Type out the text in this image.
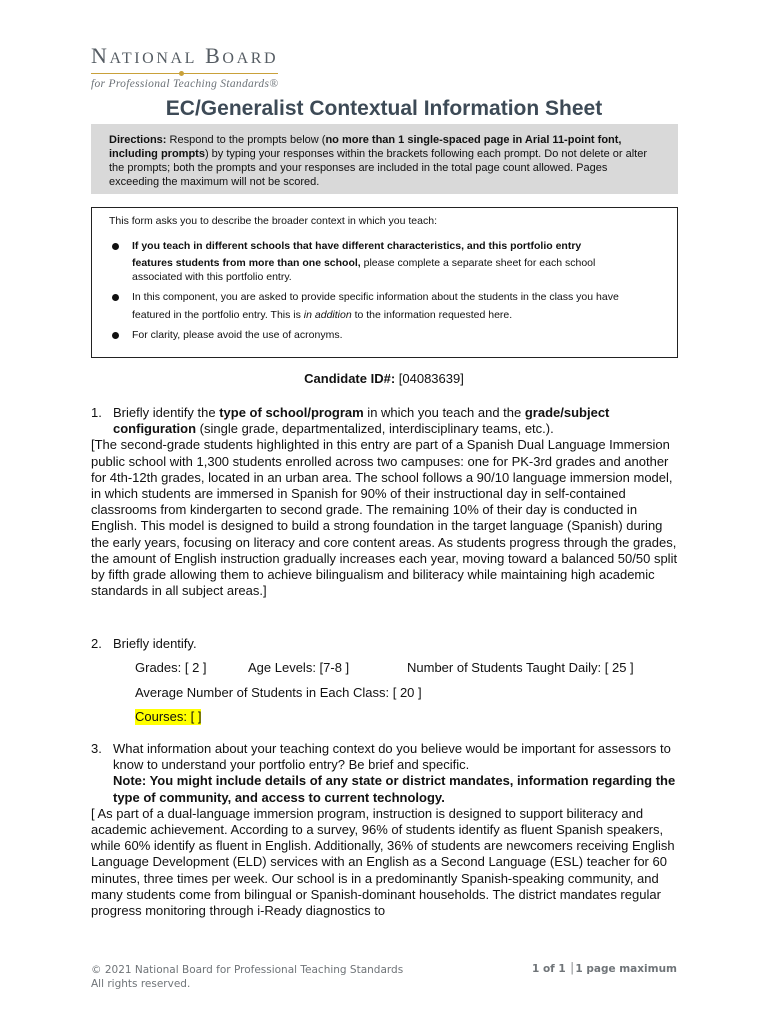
NATIONAL BOARD
for Professional Teaching Standards®
EC/Generalist Contextual Information Sheet
Directions: Respond to the prompts below (no more than 1 single-spaced page in Arial 11-point font, including prompts) by typing your responses within the brackets following each prompt. Do not delete or alter the prompts; both the prompts and your responses are included in the total page count allowed. Pages exceeding the maximum will not be scored.
This form asks you to describe the broader context in which you teach:
If you teach in different schools that have different characteristics, and this portfolio entry
features students from more than one school, please complete a separate sheet for each school
associated with this portfolio entry.
In this component, you are asked to provide specific information about the students in the class you have
featured in the portfolio entry. This is in addition to the information requested here.
For clarity, please avoid the use of acronyms.
Candidate ID#: [04083639]
1. Briefly identify the type of school/program in which you teach and the grade/subject configuration (single grade, departmentalized, interdisciplinary teams, etc.).
[The second-grade students highlighted in this entry are part of a Spanish Dual Language Immersion public school with 1,300 students enrolled across two campuses: one for PK-3rd grades and another for 4th-12th grades, located in an urban area. The school follows a 90/10 language immersion model, in which students are immersed in Spanish for 90% of their instructional day in self-contained classrooms from kindergarten to second grade. The remaining 10% of their day is conducted in English. This model is designed to build a strong foundation in the target language (Spanish) during the early years, focusing on literacy and core content areas. As students progress through the grades, the amount of English instruction gradually increases each year, moving toward a balanced 50/50 split by fifth grade allowing them to achieve bilingualism and biliteracy while maintaining high academic standards in all subject areas.]
2. Briefly identify.
Grades: [ 2 ]	Age Levels: [7-8 ]	Number of Students Taught Daily: [ 25 ]
Average Number of Students in Each Class: [ 20 ]
Courses: [ ]
3. What information about your teaching context do you believe would be important for assessors to know to understand your portfolio entry? Be brief and specific.
Note: You might include details of any state or district mandates, information regarding the type of community, and access to current technology.
[ As part of a dual-language immersion program, instruction is designed to support biliteracy and academic achievement. According to a survey, 96% of students identify as fluent Spanish speakers, while 60% identify as fluent in English. Additionally, 36% of students are newcomers receiving English Language Development (ELD) services with an English as a Second Language (ESL) teacher for 60 minutes, three times per week. Our school is in a predominantly Spanish-speaking community, and many students come from bilingual or Spanish-dominant households. The district mandates regular progress monitoring through i-Ready diagnostics to
© 2021 National Board for Professional Teaching Standards
All rights reserved.
1 of 1 │1 page maximum
